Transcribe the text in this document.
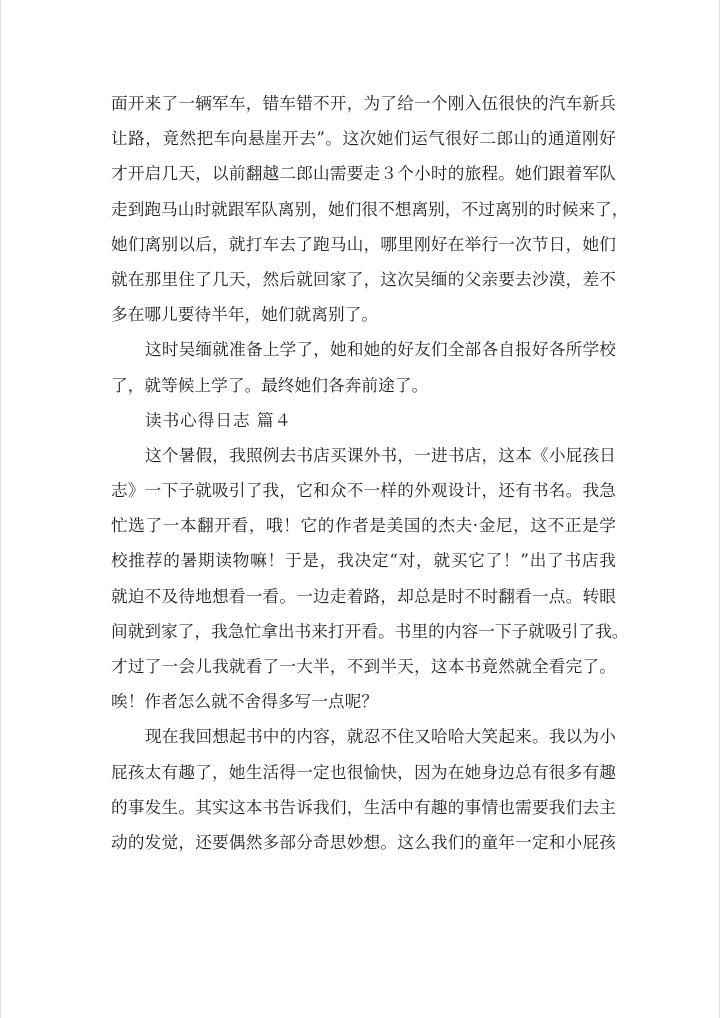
面开来了一辆军车，错车错不开，为了给一个刚入伍很快的汽车新兵
让路，竟然把车向悬崖开去”。这次她们运气很好二郎山的通道刚好
才开启几天，以前翻越二郎山需要走３个小时的旅程。她们跟着军队
走到跑马山时就跟军队离别，她们很不想离别，不过离别的时候来了，
她们离别以后，就打车去了跑马山，哪里刚好在举行一次节日，她们
就在那里住了几天，然后就回家了，这次吴缅的父亲要去沙漠，差不
多在哪儿要待半年，她们就离别了。
这时吴缅就准备上学了，她和她的好友们全部各自报好各所学校
了，就等候上学了。最终她们各奔前途了。
读书心得日志 篇４
这个暑假，我照例去书店买课外书，一进书店，这本《小屁孩日
志》一下子就吸引了我，它和众不一样的外观设计，还有书名。我急
忙选了一本翻开看，哦！它的作者是美国的杰夫·金尼，这不正是学
校推荐的暑期读物嘛！于是，我决定“对，就买它了！”出了书店我
就迫不及待地想看一看。一边走着路，却总是时不时翻看一点。转眼
间就到家了，我急忙拿出书来打开看。书里的内容一下子就吸引了我。
才过了一会儿我就看了一大半，不到半天，这本书竟然就全看完了。
唉！作者怎么就不舍得多写一点呢？
现在我回想起书中的内容，就忍不住又哈哈大笑起来。我以为小
屁孩太有趣了，她生活得一定也很愉快，因为在她身边总有很多有趣
的事发生。其实这本书告诉我们，生活中有趣的事情也需要我们去主
动的发觉，还要偶然多部分奇思妙想。这么我们的童年一定和小屁孩
